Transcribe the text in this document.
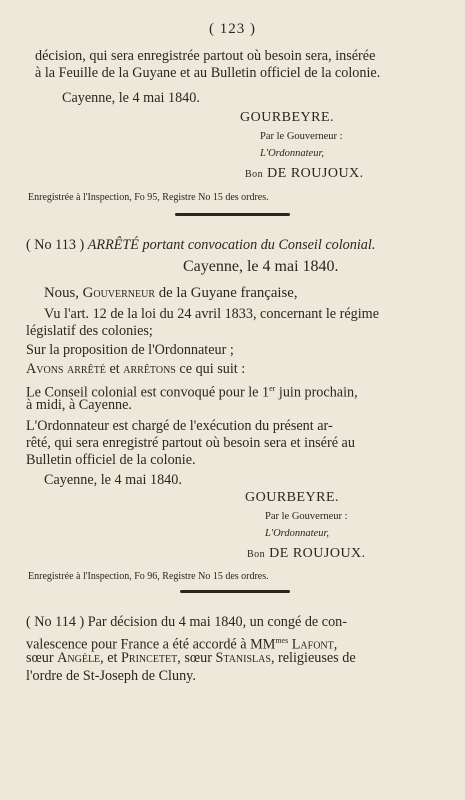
( 123 )
décision, qui sera enregistrée partout où besoin sera, insérée
à la Feuille de la Guyane et au Bulletin officiel de la colonie.
Cayenne, le 4 mai 1840.
GOURBEYRE.
Par le Gouverneur :
L'Ordonnateur,
Bon DE ROUJOUX.
Enregistrée à l'Inspection, Fo 95, Registre No 15 des ordres.
( No 113 ) ARRÊTÉ portant convocation du Conseil colonial.
Cayenne, le 4 mai 1840.
Nous, Gouverneur de la Guyane française,
Vu l'art. 12 de la loi du 24 avril 1833, concernant le régime
législatif des colonies;
Sur la proposition de l'Ordonnateur ;
Avons arrêté et arrêtons ce qui suit :
Le Conseil colonial est convoqué pour le 1er juin prochain,
à midi, à Cayenne.
L'Ordonnateur est chargé de l'exécution du présent ar-
rêté, qui sera enregistré partout où besoin sera et inséré au
Bulletin officiel de la colonie.
Cayenne, le 4 mai 1840.
GOURBEYRE.
Par le Gouverneur :
L'Ordonnateur,
Bon DE ROUJOUX.
Enregistrée à l'Inspection, Fo 96, Registre No 15 des ordres.
( No 114 ) Par décision du 4 mai 1840, un congé de con-
valescence pour France a été accordé à $MM^{mes}$ Lafont,
sœur Angèle, et Princetet, sœur Stanislas, religieuses de
l'ordre de St-Joseph de Cluny.
